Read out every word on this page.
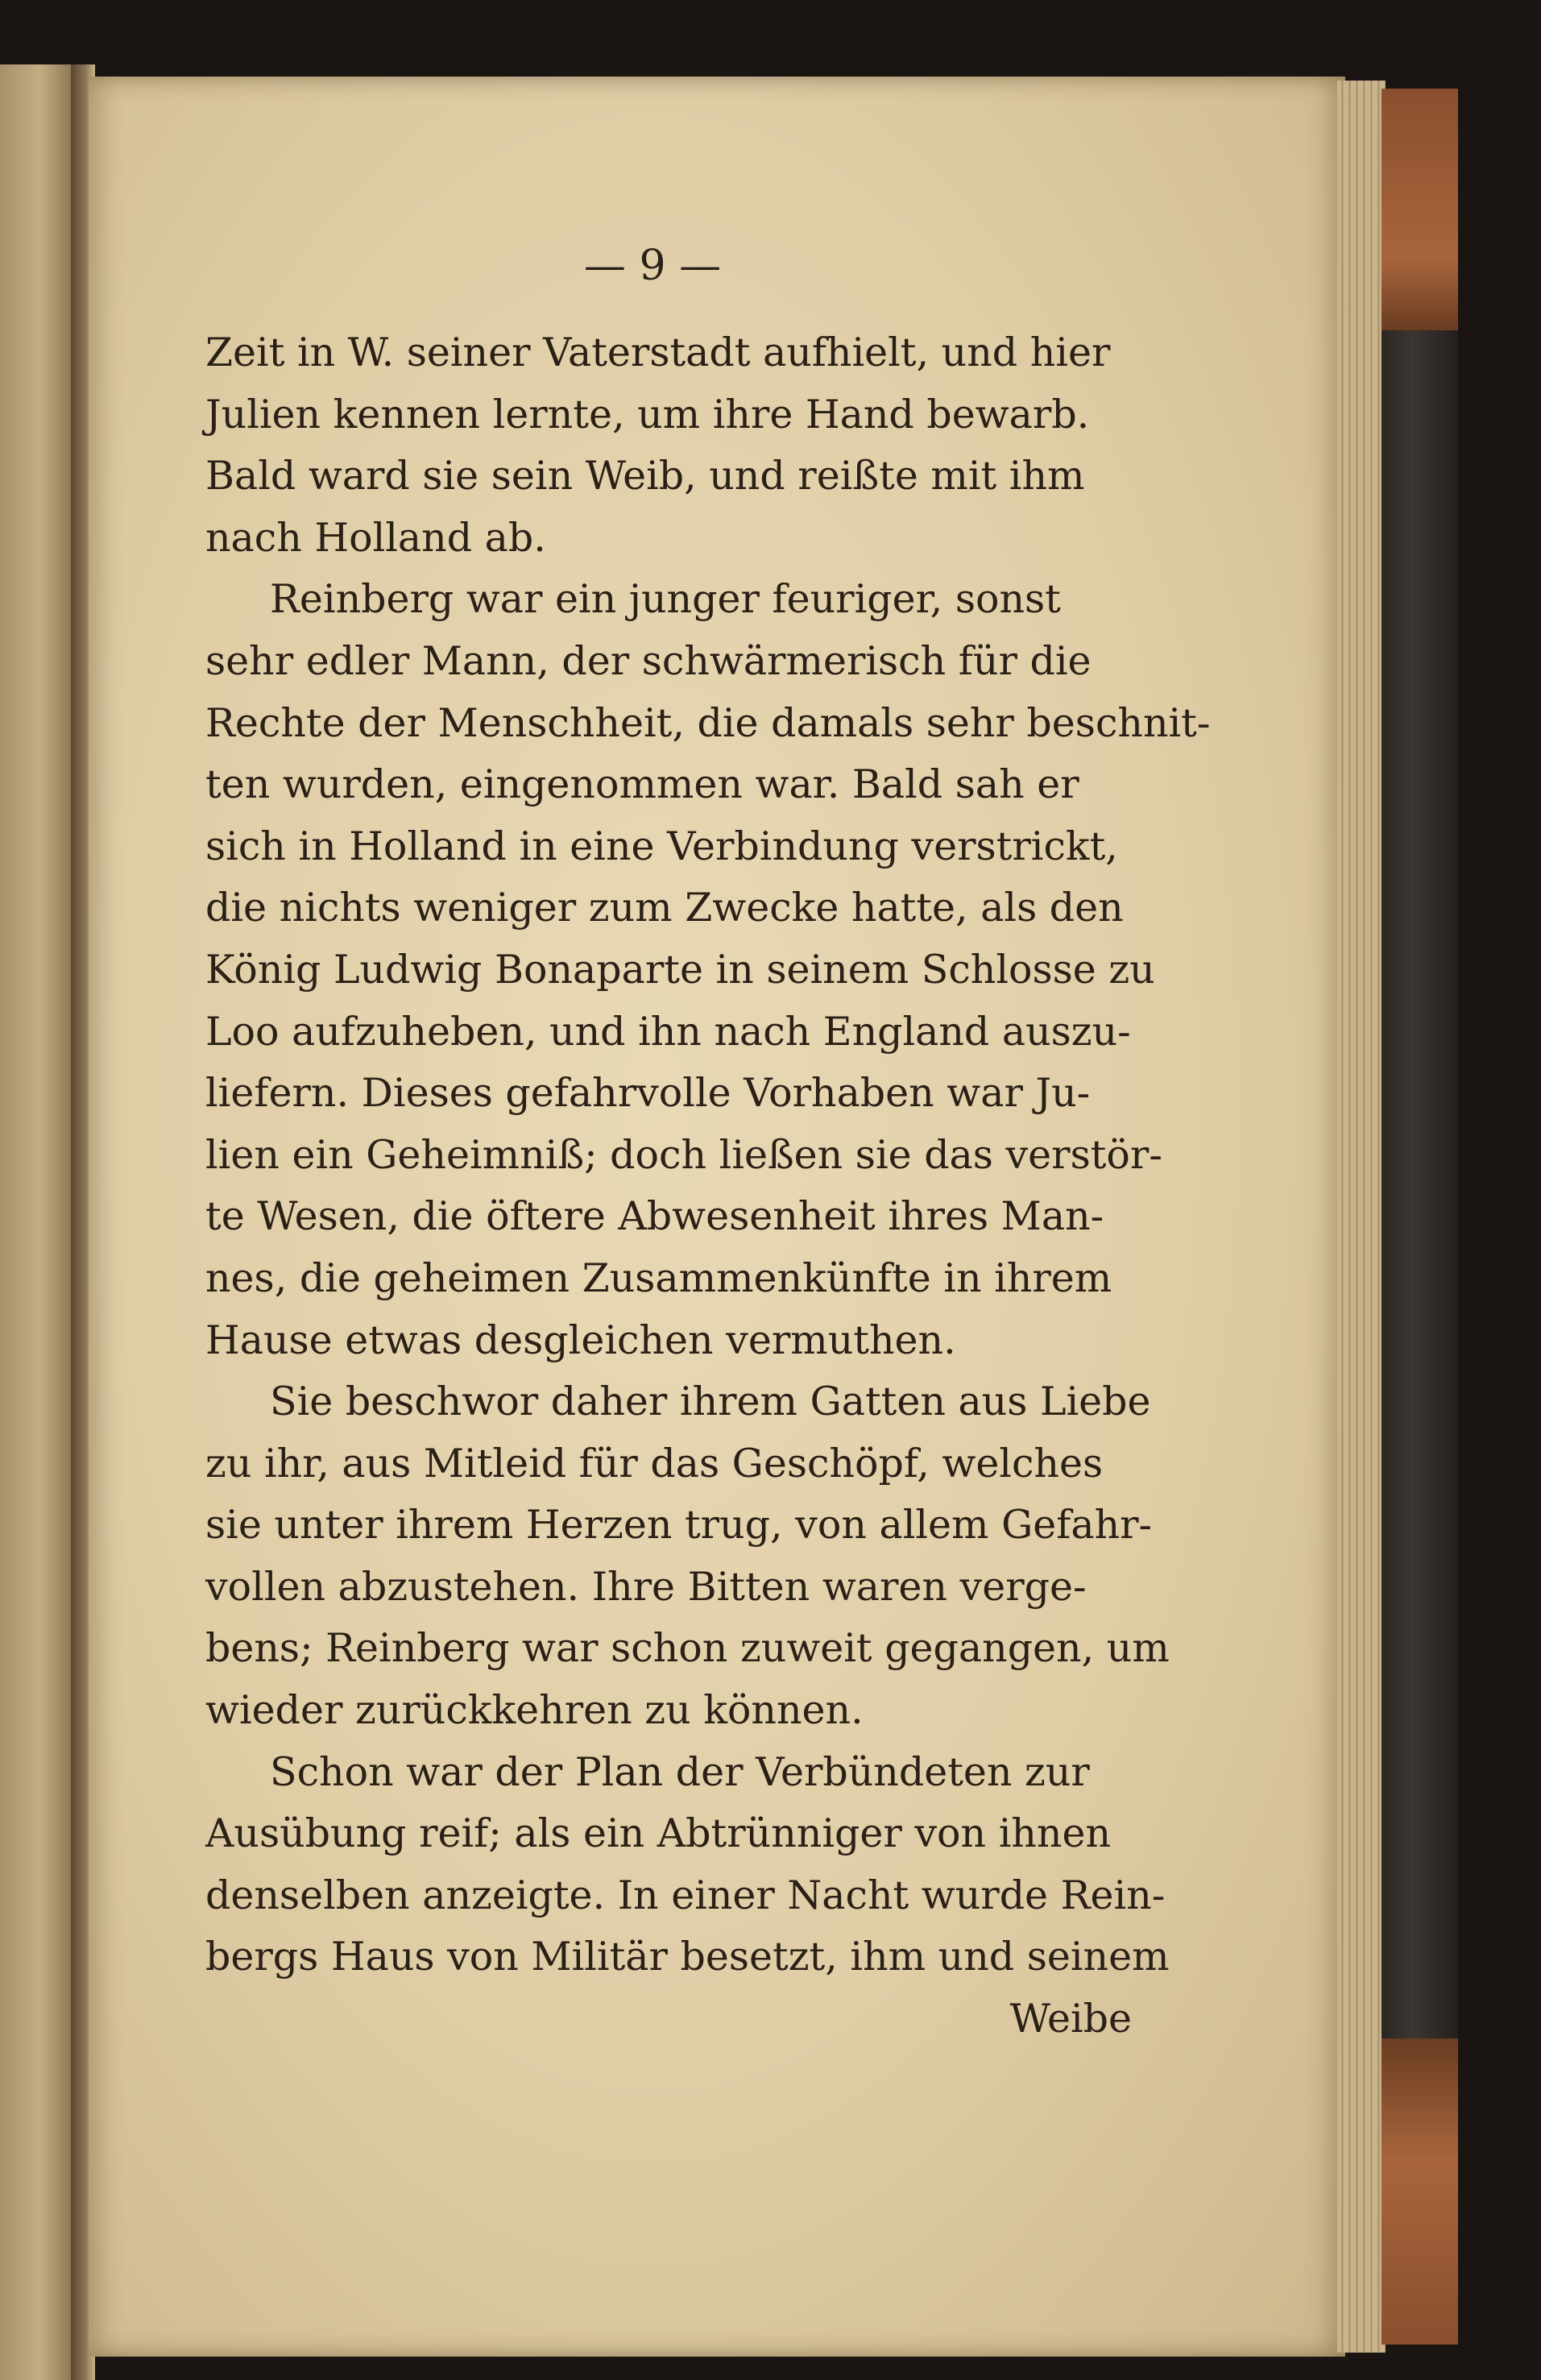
— 9 —
Zeit in W. seiner Vaterstadt aufhielt, und hier
Julien kennen lernte, um ihre Hand bewarb.
Bald ward sie sein Weib, und reißte mit ihm
nach Holland ab.
Reinberg war ein junger feuriger, sonst
sehr edler Mann, der schwärmerisch für die
Rechte der Menschheit, die damals sehr beschnit-
ten wurden, eingenommen war. Bald sah er
sich in Holland in eine Verbindung verstrickt,
die nichts weniger zum Zwecke hatte, als den
König Ludwig Bonaparte in seinem Schlosse zu
Loo aufzuheben, und ihn nach England auszu-
liefern. Dieses gefahrvolle Vorhaben war Ju-
lien ein Geheimniß; doch ließen sie das verstör-
te Wesen, die öftere Abwesenheit ihres Man-
nes, die geheimen Zusammenkünfte in ihrem
Hause etwas desgleichen vermuthen.
Sie beschwor daher ihrem Gatten aus Liebe
zu ihr, aus Mitleid für das Geschöpf, welches
sie unter ihrem Herzen trug, von allem Gefahr-
vollen abzustehen. Ihre Bitten waren verge-
bens; Reinberg war schon zuweit gegangen, um
wieder zurückkehren zu können.
Schon war der Plan der Verbündeten zur
Ausübung reif; als ein Abtrünniger von ihnen
denselben anzeigte. In einer Nacht wurde Rein-
bergs Haus von Militär besetzt, ihm und seinem
Weibe
